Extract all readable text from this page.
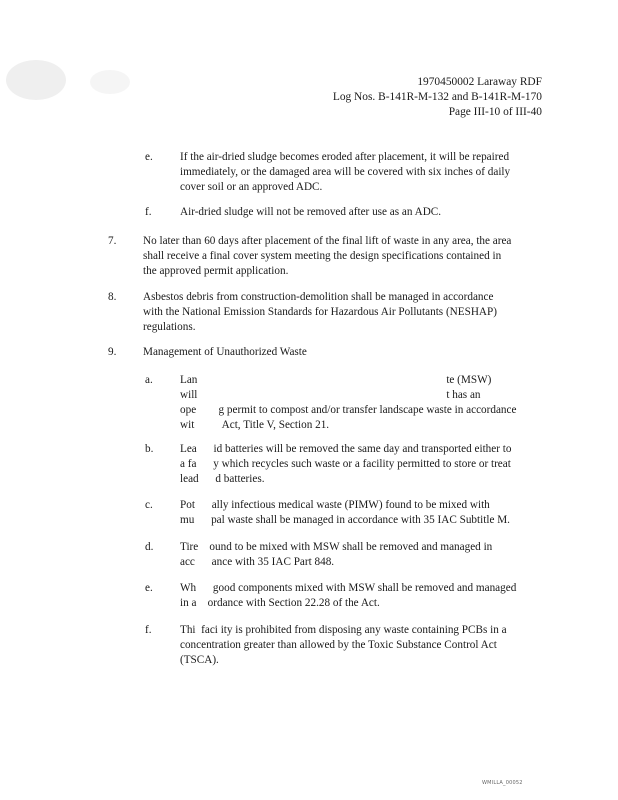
1970450002 Laraway RDF
Log Nos. B-141R-M-132 and B-141R-M-170
Page III-10 of III-40
e. If the air-dried sludge becomes eroded after placement, it will be repaired
immediately, or the damaged area will be covered with six inches of daily
cover soil or an approved ADC.
f.	Air-dried sludge will not be removed after use as an ADC.
7. No later than 60 days after placement of the final lift of waste in any area, the area
shall receive a final cover system meeting the design specifications contained in
the approved permit application.
8. Asbestos debris from construction-demolition shall be managed in accordance
with the National Emission Standards for Hazardous Air Pollutants (NESHAP)
regulations.
9. Management of Unauthorized Waste
a. Lan                                                                                         te (MSW)
will                                                                                         t has an
ope        g permit to compost and/or transfer landscape waste in accordance
wit          Act, Title V, Section 21.
b. Lea      id batteries will be removed the same day and transported either to
a fa      y which recycles such waste or a facility permitted to store or treat
lead      d batteries.
c. Pot      ally infectious medical waste (PIMW) found to be mixed with
mu      pal waste shall be managed in accordance with 35 IAC Subtitle M.
d. Tire    ound to be mixed with MSW shall be removed and managed in
acc      ance with 35 IAC Part 848.
e. Wh      good components mixed with MSW shall be removed and managed
in a    ordance with Section 22.28 of the Act.
f.	Thi  faci ity is prohibited from disposing any waste containing PCBs in a
concentration greater than allowed by the Toxic Substance Control Act
(TSCA).
WMILLA_00052
